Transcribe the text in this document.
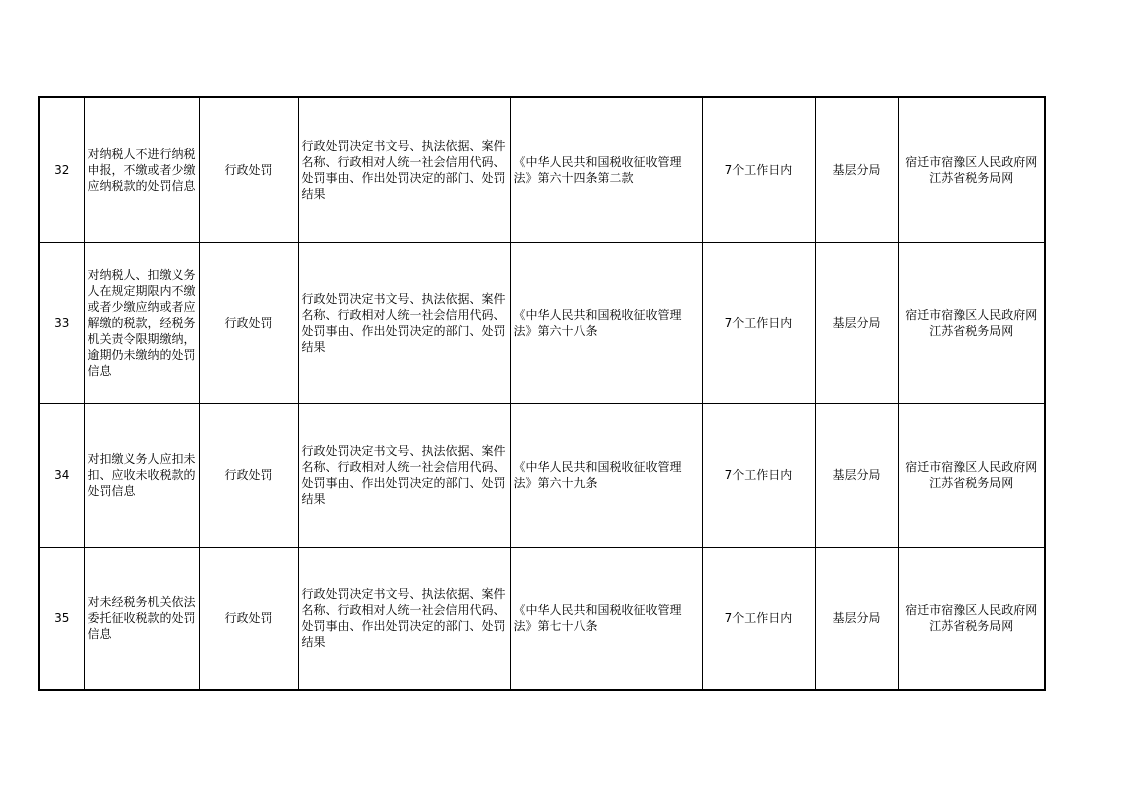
32	对纳税人不进行纳税申报，不缴或者少缴应纳税款的处罚信息	行政处罚	行政处罚决定书文号、执法依据、案件名称、行政相对人统一社会信用代码、处罚事由、作出处罚决定的部门、处罚结果	《中华人民共和国税收征收管理法》第六十四条第二款	7个工作日内	基层分局	宿迁市宿豫区人民政府网
江苏省税务局网

33	对纳税人、扣缴义务人在规定期限内不缴或者少缴应纳或者应解缴的税款，经税务机关责令限期缴纳，逾期仍未缴纳的处罚信息	行政处罚	行政处罚决定书文号、执法依据、案件名称、行政相对人统一社会信用代码、处罚事由、作出处罚决定的部门、处罚结果	《中华人民共和国税收征收管理法》第六十八条	7个工作日内	基层分局	宿迁市宿豫区人民政府网
江苏省税务局网

34	对扣缴义务人应扣未扣、应收未收税款的处罚信息	行政处罚	行政处罚决定书文号、执法依据、案件名称、行政相对人统一社会信用代码、处罚事由、作出处罚决定的部门、处罚结果	《中华人民共和国税收征收管理法》第六十九条	7个工作日内	基层分局	宿迁市宿豫区人民政府网
江苏省税务局网

35	对未经税务机关依法委托征收税款的处罚信息	行政处罚	行政处罚决定书文号、执法依据、案件名称、行政相对人统一社会信用代码、处罚事由、作出处罚决定的部门、处罚结果	《中华人民共和国税收征收管理法》第七十八条	7个工作日内	基层分局	宿迁市宿豫区人民政府网
江苏省税务局网
